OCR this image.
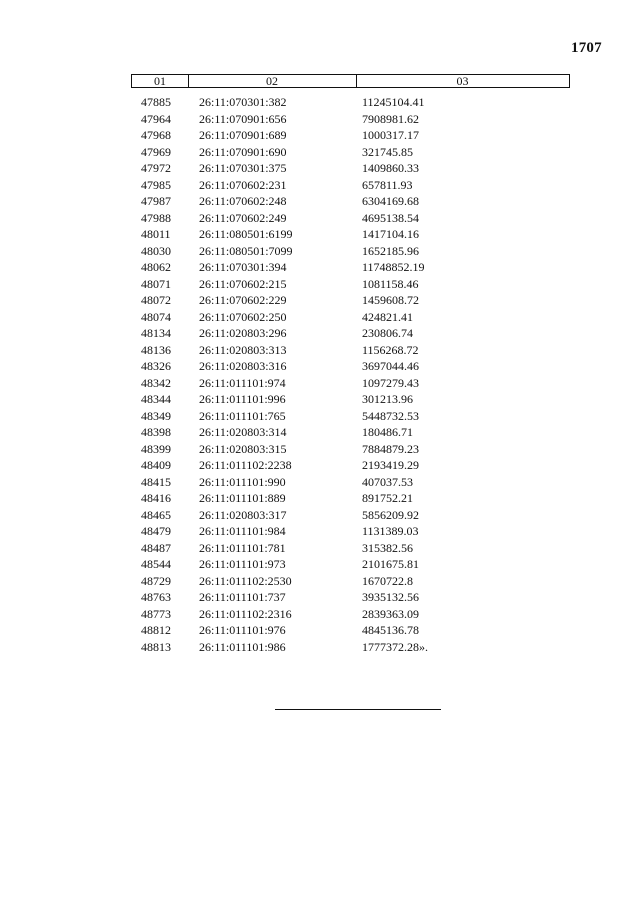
1707
01	02	03
47885 26:11:070301:382	11245104.41
47964 26:11:070901:656	7908981.62
47968 26:11:070901:689	1000317.17
47969 26:11:070901:690	321745.85
47972 26:11:070301:375	1409860.33
47985 26:11:070602:231	657811.93
47987 26:11:070602:248	6304169.68
47988 26:11:070602:249	4695138.54
48011 26:11:080501:6199	1417104.16
48030 26:11:080501:7099	1652185.96
48062 26:11:070301:394	11748852.19
48071 26:11:070602:215	1081158.46
48072 26:11:070602:229	1459608.72
48074 26:11:070602:250	424821.41
48134 26:11:020803:296	230806.74
48136 26:11:020803:313	1156268.72
48326 26:11:020803:316	3697044.46
48342 26:11:011101:974	1097279.43
48344 26:11:011101:996	301213.96
48349 26:11:011101:765	5448732.53
48398 26:11:020803:314	180486.71
48399 26:11:020803:315	7884879.23
48409 26:11:011102:2238	2193419.29
48415 26:11:011101:990	407037.53
48416 26:11:011101:889	891752.21
48465 26:11:020803:317	5856209.92
48479 26:11:011101:984	1131389.03
48487 26:11:011101:781	315382.56
48544 26:11:011101:973	2101675.81
48729 26:11:011102:2530	1670722.8
48763 26:11:011101:737	3935132.56
48773 26:11:011102:2316	2839363.09
48812 26:11:011101:976	4845136.78
48813 26:11:011101:986	1777372.28».
